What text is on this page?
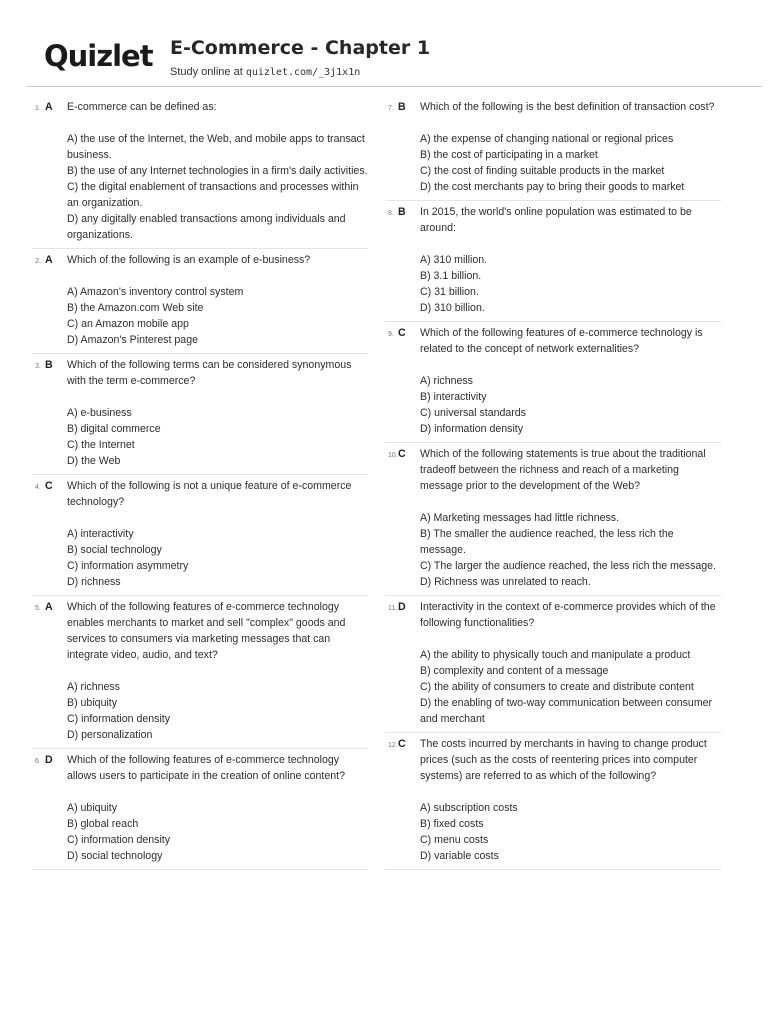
Quizlet E-Commerce - Chapter 1
Study online at quizlet.com/_3j1x1n
1. A E-commerce can be defined as:
A) the use of the Internet, the Web, and mobile apps to transact business.
B) the use of any Internet technologies in a firm's daily activities.
C) the digital enablement of transactions and processes within an organization.
D) any digitally enabled transactions among individuals and organizations.
2. A Which of the following is an example of e-business?
A) Amazon's inventory control system
B) the Amazon.com Web site
C) an Amazon mobile app
D) Amazon's Pinterest page
3. B Which of the following terms can be considered synonymous with the term e-commerce?
A) e-business
B) digital commerce
C) the Internet
D) the Web
4. C Which of the following is not a unique feature of e-commerce technology?
A) interactivity
B) social technology
C) information asymmetry
D) richness
5. A Which of the following features of e-commerce technology enables merchants to market and sell "complex" goods and services to consumers via marketing messages that can integrate video, audio, and text?
A) richness
B) ubiquity
C) information density
D) personalization
6. D Which of the following features of e-commerce technology allows users to participate in the creation of online content?
A) ubiquity
B) global reach
C) information density
D) social technology
7. B Which of the following is the best definition of transaction cost?
A) the expense of changing national or regional prices
B) the cost of participating in a market
C) the cost of finding suitable products in the market
D) the cost merchants pay to bring their goods to market
8. B In 2015, the world's online population was estimated to be around:
A) 310 million.
B) 3.1 billion.
C) 31 billion.
D) 310 billion.
9. C Which of the following features of e-commerce technology is related to the concept of network externalities?
A) richness
B) interactivity
C) universal standards
D) information density
10. C Which of the following statements is true about the traditional tradeoff between the richness and reach of a marketing message prior to the development of the Web?
A) Marketing messages had little richness.
B) The smaller the audience reached, the less rich the message.
C) The larger the audience reached, the less rich the message.
D) Richness was unrelated to reach.
11. D Interactivity in the context of e-commerce provides which of the following functionalities?
A) the ability to physically touch and manipulate a product
B) complexity and content of a message
C) the ability of consumers to create and distribute content
D) the enabling of two-way communication between consumer and merchant
12. C The costs incurred by merchants in having to change product prices (such as the costs of reentering prices into computer systems) are referred to as which of the following?
A) subscription costs
B) fixed costs
C) menu costs
D) variable costs
